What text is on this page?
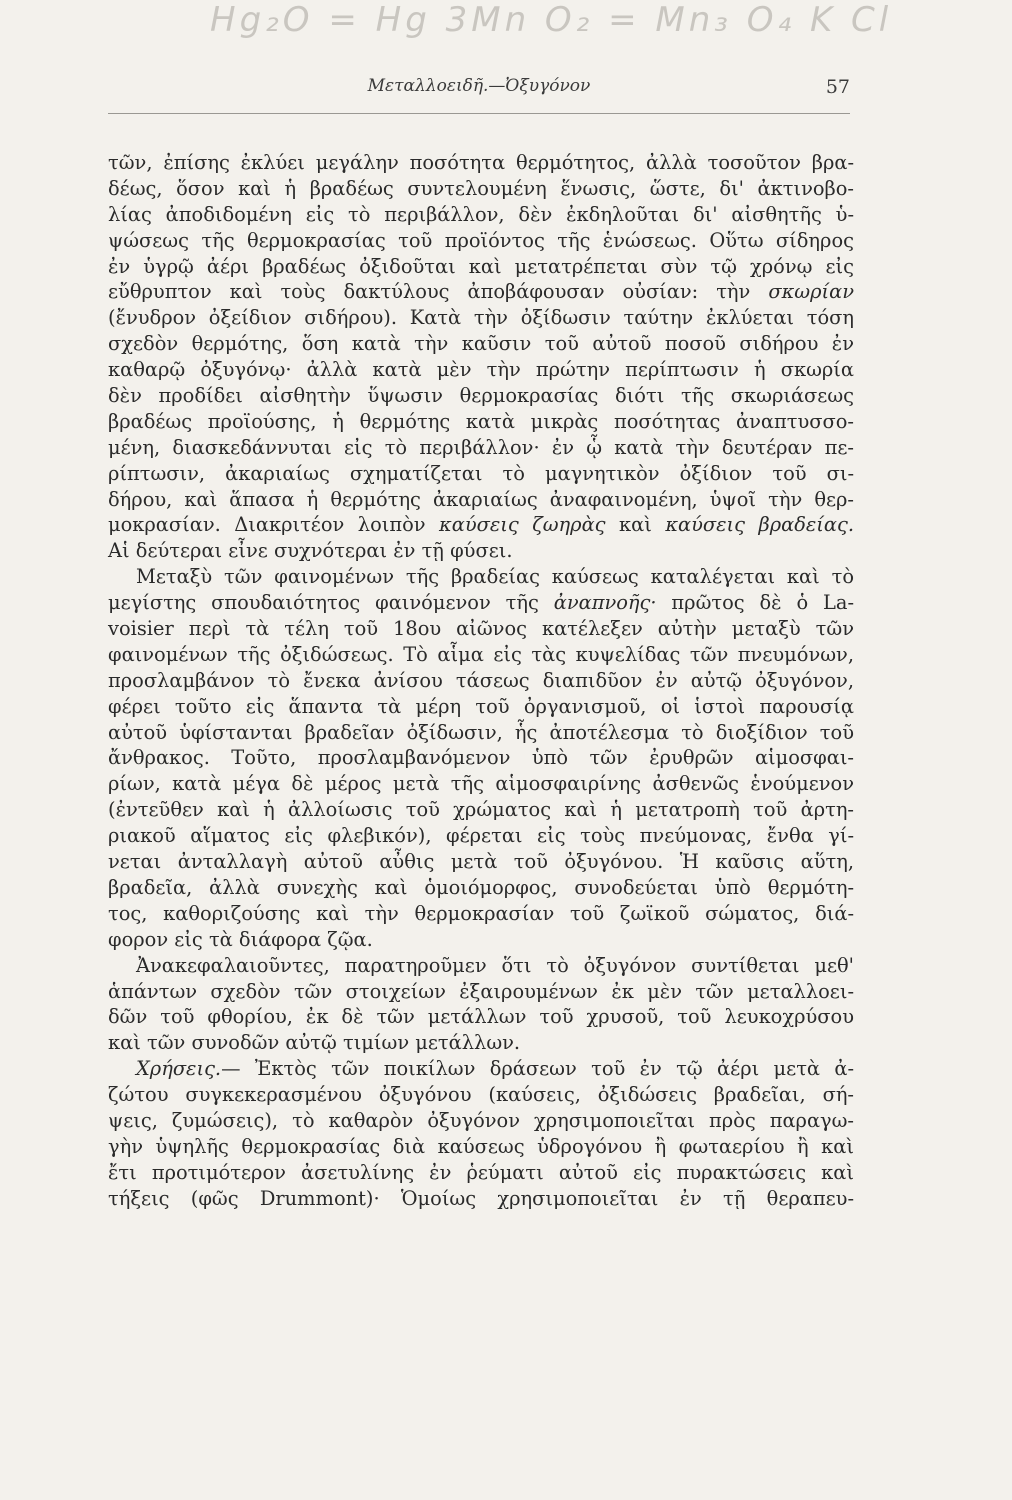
Hg₂O = Hg 3Mn O₂ = Mn₃ O₄ K Cl
Μεταλλοειδῆ.—Ὀξυγόνον	57
τῶν, ἐπίσης ἐκλύει μεγάλην ποσότητα θερμότητος, ἀλλὰ τοσοῦτον βρα-
δέως, ὅσον καὶ ἡ βραδέως συντελουμένη ἕνωσις, ὥστε, δι' ἀκτινοβο-
λίας ἀποδιδομένη εἰς τὸ περιβάλλον, δὲν ἐκδηλοῦται δι' αἰσθητῆς ὑ-
ψώσεως τῆς θερμοκρασίας τοῦ προϊόντος τῆς ἑνώσεως. Οὕτω σίδηρος
ἐν ὑγρῷ ἀέρι βραδέως ὀξιδοῦται καὶ μετατρέπεται σὺν τῷ χρόνῳ εἰς
εὔθρυπτον καὶ τοὺς δακτύλους ἀποβάφουσαν οὐσίαν: τὴν σκωρίαν
(ἔνυδρον ὀξείδιον σιδήρου). Κατὰ τὴν ὀξίδωσιν ταύτην ἐκλύεται τόση
σχεδὸν θερμότης, ὅση κατὰ τὴν καῦσιν τοῦ αὐτοῦ ποσοῦ σιδήρου ἐν
καθαρῷ ὀξυγόνῳ· ἀλλὰ κατὰ μὲν τὴν πρώτην περίπτωσιν ἡ σκωρία
δὲν προδίδει αἰσθητὴν ὕψωσιν θερμοκρασίας διότι τῆς σκωριάσεως
βραδέως προϊούσης, ἡ θερμότης κατὰ μικρὰς ποσότητας ἀναπτυσσο-
μένη, διασκεδάννυται εἰς τὸ περιβάλλον· ἐν ᾧ κατὰ τὴν δευτέραν πε-
ρίπτωσιν, ἀκαριαίως σχηματίζεται τὸ μαγνητικὸν ὀξίδιον τοῦ σι-
δήρου, καὶ ἅπασα ἡ θερμότης ἀκαριαίως ἀναφαινομένη, ὑψοῖ τὴν θερ-
μοκρασίαν. Διακριτέον λοιπὸν καύσεις ζωηρὰς καὶ καύσεις βραδείας.
Αἱ δεύτεραι εἶνε συχνότεραι ἐν τῇ φύσει.
Μεταξὺ τῶν φαινομένων τῆς βραδείας καύσεως καταλέγεται καὶ τὸ
μεγίστης σπουδαιότητος φαινόμενον τῆς ἀναπνοῆς· πρῶτος δὲ ὁ La-
voisier περὶ τὰ τέλη τοῦ 18ου αἰῶνος κατέλεξεν αὐτὴν μεταξὺ τῶν
φαινομένων τῆς ὀξιδώσεως. Τὸ αἷμα εἰς τὰς κυψελίδας τῶν πνευμόνων,
προσλαμβάνον τὸ ἔνεκα ἀνίσου τάσεως διαπιδῦον ἐν αὐτῷ ὀξυγόνον,
φέρει τοῦτο εἰς ἅπαντα τὰ μέρη τοῦ ὀργανισμοῦ, οἱ ἱστοὶ παρουσίᾳ
αὐτοῦ ὑφίστανται βραδεῖαν ὀξίδωσιν, ἧς ἀποτέλεσμα τὸ διοξίδιον τοῦ
ἄνθρακος. Τοῦτο, προσλαμβανόμενον ὑπὸ τῶν ἐρυθρῶν αἱμοσφαι-
ρίων, κατὰ μέγα δὲ μέρος μετὰ τῆς αἱμοσφαιρίνης ἀσθενῶς ἑνούμενον
(ἐντεῦθεν καὶ ἡ ἀλλοίωσις τοῦ χρώματος καὶ ἡ μετατροπὴ τοῦ ἀρτη-
ριακοῦ αἵματος εἰς φλεβικόν), φέρεται εἰς τοὺς πνεύμονας, ἔνθα γί-
νεται ἀνταλλαγὴ αὐτοῦ αὖθις μετὰ τοῦ ὀξυγόνου. Ἡ καῦσις αὕτη,
βραδεῖα, ἀλλὰ συνεχὴς καὶ ὁμοιόμορφος, συνοδεύεται ὑπὸ θερμότη-
τος, καθοριζούσης καὶ τὴν θερμοκρασίαν τοῦ ζωϊκοῦ σώματος, διά-
φορον εἰς τὰ διάφορα ζῷα.
Ἀνακεφαλαιοῦντες, παρατηροῦμεν ὅτι τὸ ὀξυγόνον συντίθεται μεθ'
ἁπάντων σχεδὸν τῶν στοιχείων ἐξαιρουμένων ἐκ μὲν τῶν μεταλλοει-
δῶν τοῦ φθορίου, ἐκ δὲ τῶν μετάλλων τοῦ χρυσοῦ, τοῦ λευκοχρύσου
καὶ τῶν συνοδῶν αὐτῷ τιμίων μετάλλων.
Χρήσεις.— Ἐκτὸς τῶν ποικίλων δράσεων τοῦ ἐν τῷ ἀέρι μετὰ ἀ-
ζώτου συγκεκερασμένου ὀξυγόνου (καύσεις, ὀξιδώσεις βραδεῖαι, σή-
ψεις, ζυμώσεις), τὸ καθαρὸν ὀξυγόνον χρησιμοποιεῖται πρὸς παραγω-
γὴν ὑψηλῆς θερμοκρασίας διὰ καύσεως ὑδρογόνου ἢ φωταερίου ἢ καὶ
ἔτι προτιμότερον ἀσετυλίνης ἐν ῥεύματι αὐτοῦ εἰς πυρακτώσεις καὶ
τήξεις (φῶς Drummont)· Ὁμοίως χρησιμοποιεῖται ἐν τῇ θεραπευ-
